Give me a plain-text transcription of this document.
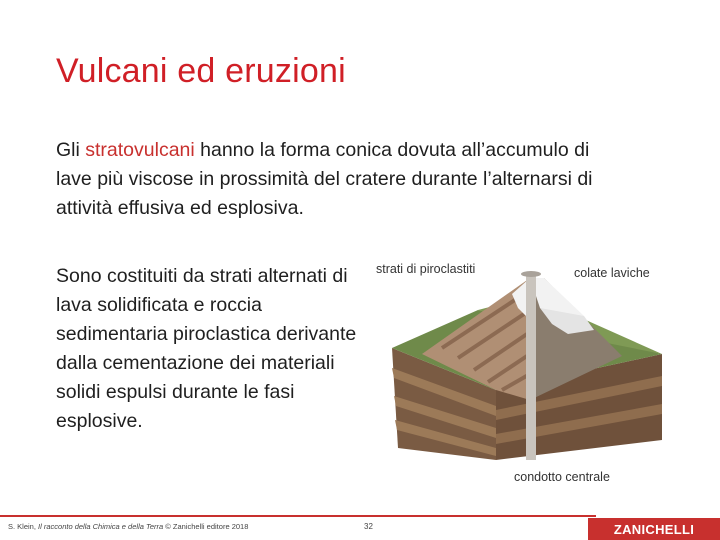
Vulcani ed eruzioni
Gli stratovulcani hanno la forma conica dovuta all’accumulo di lave più viscose in prossimità del cratere durante l’alternarsi di attività effusiva ed esplosiva.
Sono costituiti da strati alternati di lava solidificata e roccia sedimentaria piroclastica derivante dalla cementazione dei materiali solidi espulsi durante le fasi esplosive.
strati di piroclastiti	colate laviche
condotto centrale
S. Klein, Il racconto della Chimica e della Terra © Zanichelli editore 2018	32	ZANICHELLI
